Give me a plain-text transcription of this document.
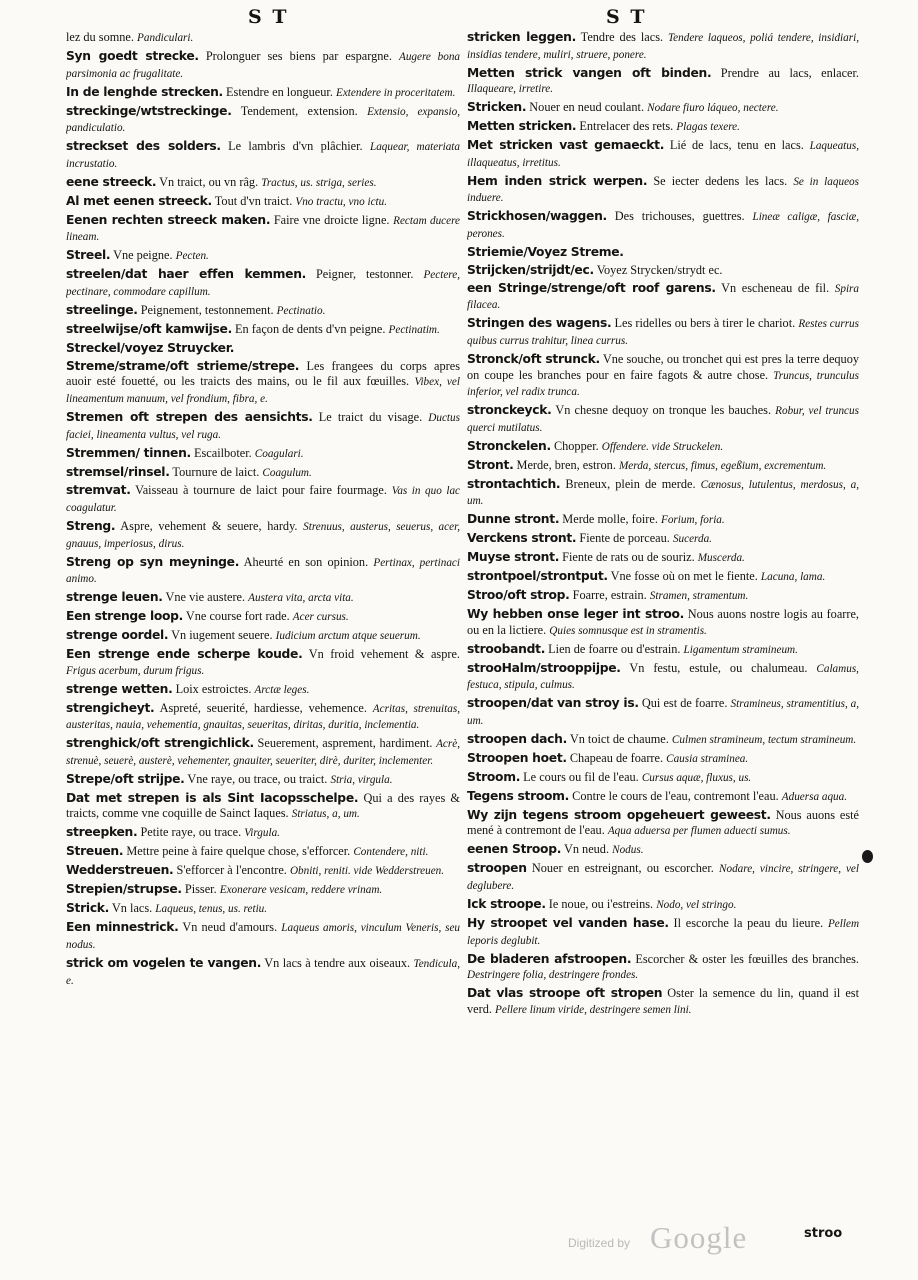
S T	S T
lez du somne. Pandiculari.
Syn goedt strecke. Prolonguer ses biens par espargne. Augere bona parsimonia ac frugalitate.
In de lenghde strecken. Estendre en longueur. Extendere in proceritatem.
streckinge/wtstreckinge. Tendement, extension. Extensio, expansio, pandiculatio.
streckset des solders. Le lambris d'vn plâchier. Laquear, materiata incrustatio.
eene streeck. Vn traict, ou vn râg. Tractus, us. striga, series.
Al met eenen streeck. Tout d'vn traict. Vno tractu, vno ictu.
Eenen rechten streeck maken. Faire vne droicte ligne. Rectam ducere lineam.
Streel. Vne peigne. Pecten.
streelen/dat haer effen kemmen. Peigner, testonner. Pectere, pectinare, commodare capillum.
streelinge. Peignement, testonnement. Pectinatio.
streelwijse/oft kamwijse. En façon de dents d'vn peigne. Pectinatim.
Streckel/voyez Struycker.
Streme/strame/oft strieme/strepe. Les frangees du corps apres auoir esté fouetté, ou les traicts des mains, ou le fil aux fœuilles. Vibex, vel lineamentum manuum, vel frondium, fibra, e.
Stremen oft strepen des aensichts. Le traict du visage. Ductus faciei, lineamenta vultus, vel ruga.
Stremmen/ tinnen. Escailboter. Coagulari.
stremsel/rinsel. Tournure de laict. Coagulum.
stremvat. Vaisseau à tournure de laict pour faire fourmage. Vas in quo lac coagulatur.
Streng. Aspre, vehement & seuere, hardy. Strenuus, austerus, seuerus, acer, gnauus, imperiosus, dirus.
Streng op syn meyninge. Aheurté en son opinion. Pertinax, pertinaci animo.
strenge leuen. Vne vie austere. Austera vita, arcta vita.
Een strenge loop. Vne course fort rade. Acer cursus.
strenge oordel. Vn iugement seuere. Iudicium arctum atque seuerum.
Een strenge ende scherpe koude. Vn froid vehement & aspre. Frigus acerbum, durum frigus.
strenge wetten. Loix estroictes. Arctæ leges.
strengicheyt. Aspreté, seuerité, hardiesse, vehemence. Acritas, strenuitas, austeritas, nauia, vehementia, gnauitas, seueritas, diritas, duritia, inclementia.
strenghick/oft strengichlick. Seuerement, asprement, hardiment. Acrè, strenuè, seuerè, austerè, vehementer, gnauiter, seueriter, dirè, duriter, inclementer.
Strepe/oft strijpe. Vne raye, ou trace, ou traict. Stria, virgula.
Dat met strepen is als Sint Iacopsschelpe. Qui a des rayes & traicts, comme vne coquille de Sainct Iaques. Striatus, a, um.
streepken. Petite raye, ou trace. Virgula.
Streuen. Mettre peine à faire quelque chose, s'efforcer. Contendere, niti.
Wedderstreuen. S'efforcer à l'encontre. Obniti, reniti. vide Wedderstreuen.
Strepien/strupse. Pisser. Exonerare vesicam, reddere vrinam.
Strick. Vn lacs. Laqueus, tenus, us. retiu.
Een minnestrick. Vn neud d'amours. Laqueus amoris, vinculum Veneris, seu nodus.
strick om vogelen te vangen. Vn lacs à tendre aux oiseaux. Tendicula, e.
stricken leggen. Tendre des lacs. Tendere laqueos, poliá tendere, insidiari, insidias tendere, muliri, struere, ponere.
Metten strick vangen oft binden. Prendre au lacs, enlacer. Illaqueare, irretire.
Stricken. Nouer en neud coulant. Nodare fiuro láqueo, nectere.
Metten stricken. Entrelacer des rets. Plagas texere.
Met stricken vast gemaeckt. Lié de lacs, tenu en lacs. Laqueatus, illaqueatus, irretitus.
Hem inden strick werpen. Se iecter dedens les lacs. Se in laqueos induere.
Strickhosen/waggen. Des trichouses, guettres. Lineæ caligæ, fasciæ, perones.
Striemie/Voyez Streme.
Strijcken/strijdt/ec. Voyez Strycken/strydt ec.
een Stringe/strenge/oft roof garens. Vn escheneau de fil. Spira filacea.
Stringen des wagens. Les ridelles ou bers à tirer le chariot. Restes currus quibus currus trahitur, linea currus.
Stronck/oft strunck. Vne souche, ou tronchet qui est pres la terre dequoy on coupe les branches pour en faire fagots & autre chose. Truncus, trunculus inferior, vel radix trunca.
stronckeyck. Vn chesne dequoy on tronque les bauches. Robur, vel truncus querci mutilatus.
Stronckelen. Chopper. Offendere. vide Struckelen.
Stront. Merde, bren, estron. Merda, stercus, fimus, egeßium, excrementum.
strontachtich. Breneux, plein de merde. Cænosus, lutulentus, merdosus, a, um.
Dunne stront. Merde molle, foire. Forium, foria.
Verckens stront. Fiente de porceau. Sucerda.
Muyse stront. Fiente de rats ou de souriz. Muscerda.
strontpoel/strontput. Vne fosse où on met le fiente. Lacuna, lama.
Stroo/oft strop. Foarre, estrain. Stramen, stramentum.
Wy hebben onse leger int stroo. Nous auons nostre logis au foarre, ou en la lictiere. Quies somnusque est in stramentis.
stroobandt. Lien de foarre ou d'estrain. Ligamentum stramineum.
strooHalm/strooppijpe. Vn festu, estule, ou chalumeau. Calamus, festuca, stipula, culmus.
stroopen/dat van stroy is. Qui est de foarre. Stramineus, stramentitius, a, um.
stroopen dach. Vn toict de chaume. Culmen stramineum, tectum stramineum.
Stroopen hoet. Chapeau de foarre. Causia straminea.
Stroom. Le cours ou fil de l'eau. Cursus aquæ, fluxus, us.
Tegens stroom. Contre le cours de l'eau, contremont l'eau. Aduersa aqua.
Wy zijn tegens stroom opgeheuert geweest. Nous auons esté mené à contremont de l'eau. Aqua aduersa per flumen aduecti sumus.
eenen Stroop. Vn neud. Nodus.
stroopen Nouer en estreignant, ou escorcher. Nodare, vincire, stringere, vel deglubere.
Ick stroope. Ie noue, ou i'estreins. Nodo, vel stringo.
Hy stroopet vel vanden hase. Il escorche la peau du lieure. Pellem leporis deglubit.
De bladeren afstroopen. Escorcher & oster les fœuilles des branches. Destringere folia, destringere frondes.
Dat vlas stroope oft stropen Oster la semence du lin, quand il est verd. Pellere linum viride, destringere semen lini.
stroo
Digitized by Google
